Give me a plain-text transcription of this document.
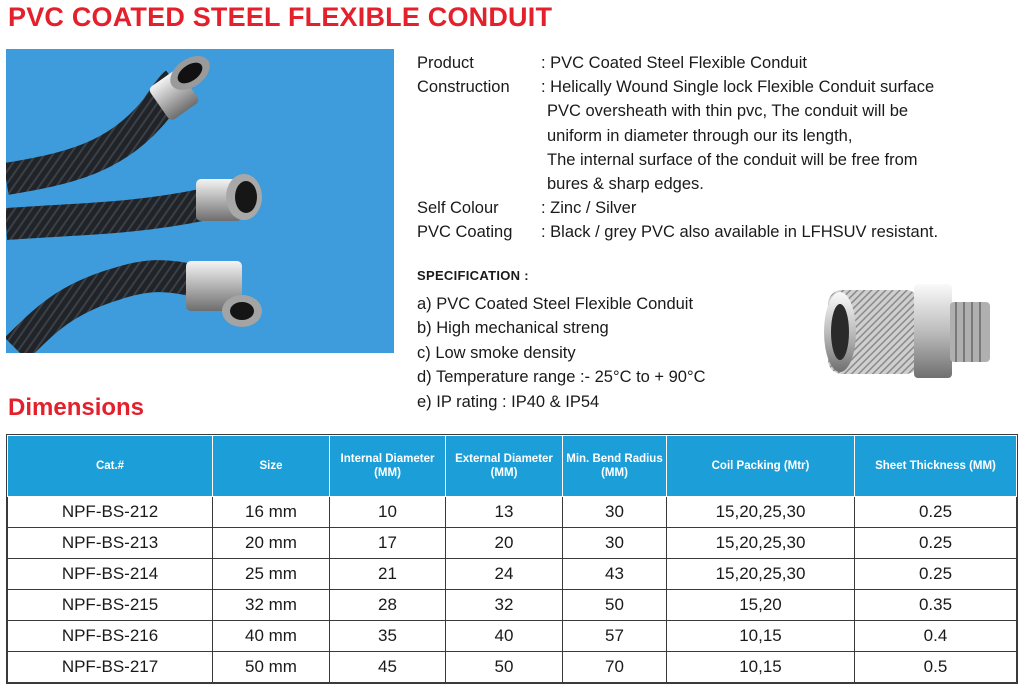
PVC COATED STEEL FLEXIBLE CONDUIT
Product	: PVC Coated Steel Flexible Conduit
Construction : Helically Wound Single lock Flexible Conduit surface
PVC oversheath with thin pvc, The conduit will be
uniform in diameter through our its length,
The internal surface of the conduit will be free from
bures & sharp edges.
Self Colour	: Zinc / Silver
PVC Coating : Black / grey PVC also available in LFHSUV resistant.
SPECIFICATION :
a) PVC Coated Steel Flexible Conduit
b) High mechanical streng
c) Low smoke density
d) Temperature range :- 25°C to + 90°C
e) IP rating : IP40 & IP54
Dimensions
Cat.#	Size	Internal Diameter (MM)	External Diameter (MM)	Min. Bend Radius (MM)	Coil Packing (Mtr)	Sheet Thickness (MM)
NPF-BS-212	16 mm	10	13	30	15,20,25,30	0.25
NPF-BS-213	20 mm	17	20	30	15,20,25,30	0.25
NPF-BS-214	25 mm	21	24	43	15,20,25,30	0.25
NPF-BS-215	32 mm	28	32	50	15,20	0.35
NPF-BS-216	40 mm	35	40	57	10,15	0.4
NPF-BS-217	50 mm	45	50	70	10,15	0.5
